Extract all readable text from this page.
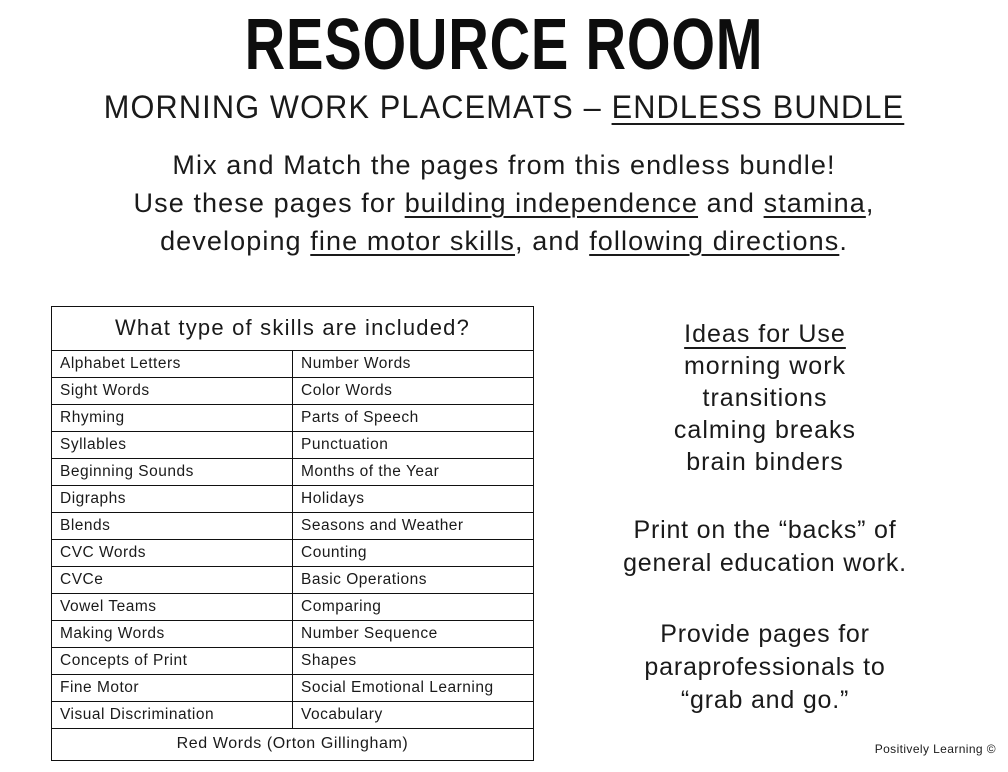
RESOURCE ROOM
MORNING WORK PLACEMATS – ENDLESS BUNDLE
Mix and Match the pages from this endless bundle!
Use these pages for building independence and stamina,
developing fine motor skills, and following directions.
What type of skills are included?	
Alphabet Letters	Number Words
Sight Words	Color Words
Rhyming	Parts of Speech
Syllables	Punctuation
Beginning Sounds	Months of the Year
Digraphs	Holidays
Blends	Seasons and Weather
CVC Words	Counting
CVCe	Basic Operations
Vowel Teams	Comparing
Making Words	Number Sequence
Concepts of Print	Shapes
Fine Motor	Social Emotional Learning
Visual Discrimination	Vocabulary
Red Words (Orton Gillingham)	
Ideas for Use
morning work
transitions
calming breaks
brain binders
Print on the “backs” of
general education work.
Provide pages for
paraprofessionals to
“grab and go.”
Positively Learning ©
